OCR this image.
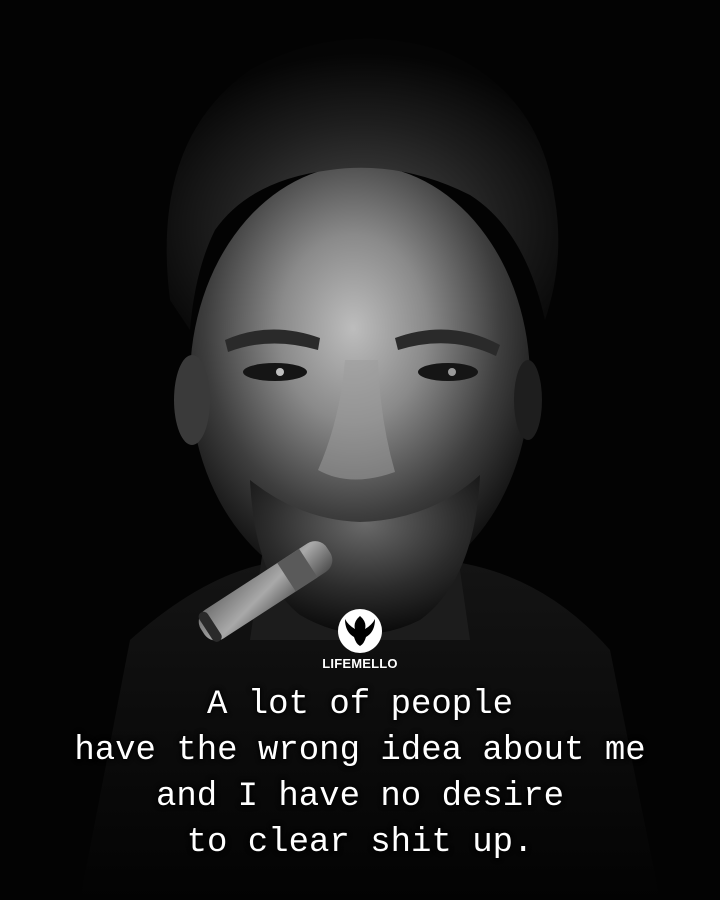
LIFEMELLO

A lot of people
have the wrong idea about me
and I have no desire
to clear shit up.
